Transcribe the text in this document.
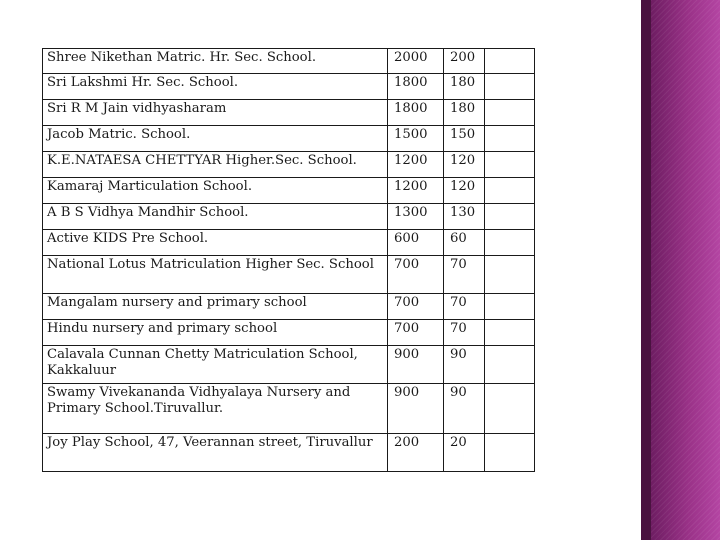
Shree Nikethan Matric. Hr. Sec. School.	2000	200	
Sri Lakshmi Hr. Sec. School.	1800	180	
Sri R M Jain vidhyasharam	1800	180	
Jacob Matric. School.	1500	150	
K.E.NATAESA CHETTYAR Higher.Sec. School.	1200	120	
Kamaraj Marticulation School.	1200	120	
A B S Vidhya Mandhir School.	1300	130	
Active KIDS Pre School.	600	60	
National Lotus Matriculation Higher Sec. School	700	70	
Mangalam nursery and primary school	700	70	
Hindu nursery and primary school	700	70	
Calavala Cunnan Chetty Matriculation School, Kakkaluur	900	90	
Swamy Vivekananda Vidhyalaya Nursery and Primary School.Tiruvallur.	900	90	
Joy Play School, 47, Veerannan street, Tiruvallur	200	20	
